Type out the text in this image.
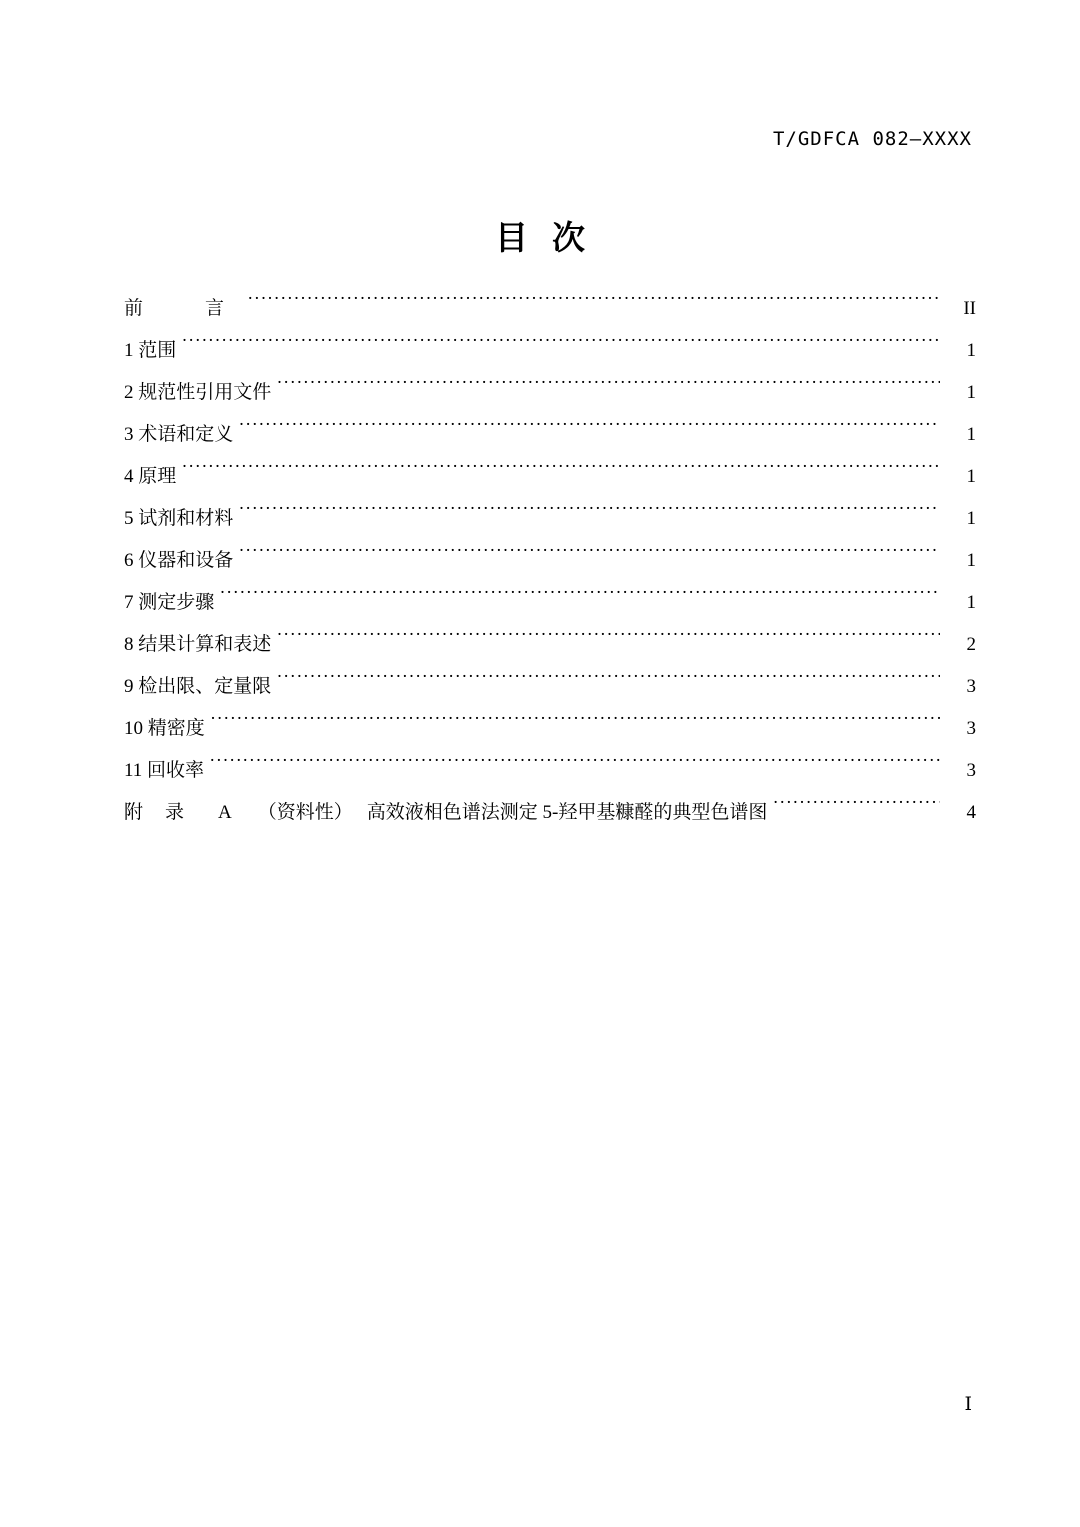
T/GDFCA 082—XXXX
目次
前	言 . . .	II
1 范围 . . .	1
2 规范性引用文件 . . .	1
3 术语和定义 . . .	1
4 原理 . . .	1
5 试剂和材料 . . .	1
6 仪器和设备 . . .	1
7 测定步骤 . . .	1
8 结果计算和表述 . . .	2
9 检出限、定量限 . . .	3
10 精密度 . . .	3
11 回收率 . . .	3
附 录 A （资料性） 高效液相色谱法测定 5-羟甲基糠醛的典型色谱图 . . .	4
I
